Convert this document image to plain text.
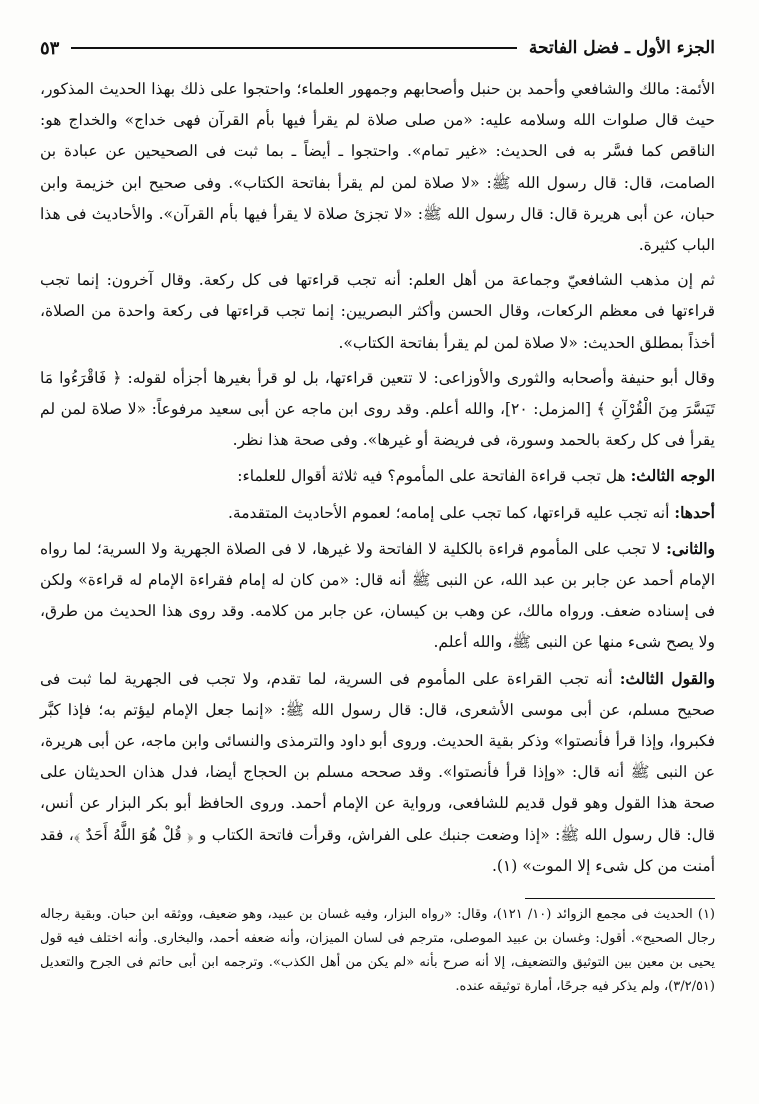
الجزء الأول ـ فضل الفاتحة
٥٣

الأئمة: مالك والشافعي وأحمد بن حنبل وأصحابهم وجمهور العلماء؛ واحتجوا على ذلك بهذا الحديث المذكور، حيث قال صلوات الله وسلامه عليه: «من صلى صلاة لم يقرأ فيها بأم القرآن فهى خداج» والخداج هو: الناقص كما فسَّر به فى الحديث: «غير تمام». واحتجوا ـ أيضاً ـ بما ثبت فى الصحيحين عن عبادة بن الصامت، قال: قال رسول الله ﷺ: «لا صلاة لمن لم يقرأ بفاتحة الكتاب». وفى صحيح ابن خزيمة وابن حبان، عن أبى هريرة قال: قال رسول الله ﷺ: «لا تجزئ صلاة لا يقرأ فيها بأم القرآن». والأحاديث فى هذا الباب كثيرة.

ثم إن مذهب الشافعيّ وجماعة من أهل العلم: أنه تجب قراءتها فى كل ركعة. وقال آخرون: إنما تجب قراءتها فى معظم الركعات، وقال الحسن وأكثر البصريين: إنما تجب قراءتها فى ركعة واحدة من الصلاة، أخذاً بمطلق الحديث: «لا صلاة لمن لم يقرأ بفاتحة الكتاب».

وقال أبو حنيفة وأصحابه والثورى والأوزاعى: لا تتعين قراءتها، بل لو قرأ بغيرها أجزأه لقوله: ﴿ فَاقْرَءُوا مَا تَيَسَّرَ مِنَ الْقُرْآنِ ﴾ [المزمل: ٢٠]، والله أعلم. وقد روى ابن ماجه عن أبى سعيد مرفوعاً: «لا صلاة لمن لم يقرأ فى كل ركعة بالحمد وسورة، فى فريضة أو غيرها». وفى صحة هذا نظر.

الوجه الثالث: هل تجب قراءة الفاتحة على المأموم؟ فيه ثلاثة أقوال للعلماء:

أحدها: أنه تجب عليه قراءتها، كما تجب على إمامه؛ لعموم الأحاديث المتقدمة.

والثانى: لا تجب على المأموم قراءة بالكلية لا الفاتحة ولا غيرها، لا فى الصلاة الجهرية ولا السرية؛ لما رواه الإمام أحمد عن جابر بن عبد الله، عن النبى ﷺ أنه قال: «من كان له إمام فقراءة الإمام له قراءة» ولكن فى إسناده ضعف. ورواه مالك، عن وهب بن كيسان، عن جابر من كلامه. وقد روى هذا الحديث من طرق، ولا يصح شىء منها عن النبى ﷺ، والله أعلم.

والقول الثالث: أنه تجب القراءة على المأموم فى السرية، لما تقدم، ولا تجب فى الجهرية لما ثبت فى صحيح مسلم، عن أبى موسى الأشعرى، قال: قال رسول الله ﷺ: «إنما جعل الإمام ليؤتم به؛ فإذا كبَّر فكبروا، وإذا قرأ فأنصتوا» وذكر بقية الحديث. وروى أبو داود والترمذى والنسائى وابن ماجه، عن أبى هريرة، عن النبى ﷺ أنه قال: «وإذا قرأ فأنصتوا». وقد صححه مسلم بن الحجاج أيضا، فدل هذان الحديثان على صحة هذا القول وهو قول قديم للشافعى، ورواية عن الإمام أحمد. وروى الحافظ أبو بكر البزار عن أنس، قال: قال رسول الله ﷺ: «إذا وضعت جنبك على الفراش، وقرأت فاتحة الكتاب و ﴿ قُلْ هُوَ اللَّهُ أَحَدٌ ﴾، فقد أمنت من كل شىء إلا الموت» (١).

(١) الحديث فى مجمع الزوائد (١٠/ ١٢١)، وقال: «رواه البزار، وفيه غسان بن عبيد، وهو ضعيف، ووثقه ابن حبان. وبقية رجاله رجال الصحيح». أقول: وغسان بن عبيد الموصلى، مترجم فى لسان الميزان، وأنه ضعفه أحمد، والبخارى. وأنه اختلف فيه قول يحيى بن معين بين التوثيق والتضعيف، إلا أنه صرح بأنه «لم يكن من أهل الكذب». وترجمه ابن أبى حاتم فى الجرح والتعديل (٣/٢/٥١)، ولم يذكر فيه جرحًا، أمارة توثيقه عنده.
